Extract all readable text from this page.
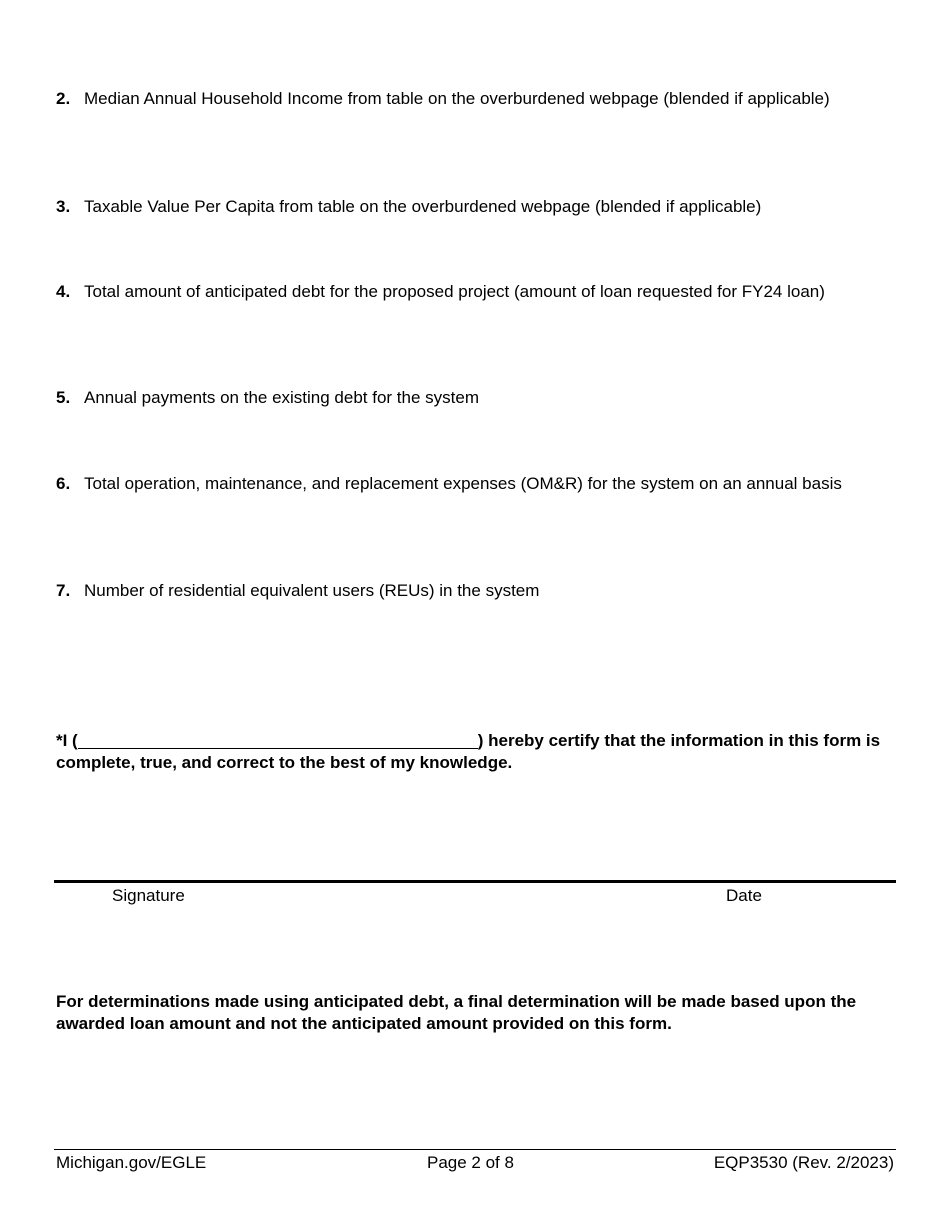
2. Median Annual Household Income from table on the overburdened webpage (blended if applicable)
3. Taxable Value Per Capita from table on the overburdened webpage (blended if applicable)
4. Total amount of anticipated debt for the proposed project (amount of loan requested for FY24 loan)
5. Annual payments on the existing debt for the system
6. Total operation, maintenance, and replacement expenses (OM&R) for the system on an annual basis
7. Number of residential equivalent users (REUs) in the system
*I (	) hereby certify that the information in this form is complete, true, and correct to the best of my knowledge.
Signature	Date
For determinations made using anticipated debt, a final determination will be made based upon the awarded loan amount and not the anticipated amount provided on this form.
Michigan.gov/EGLE	Page 2 of 8	EQP3530 (Rev. 2/2023)
